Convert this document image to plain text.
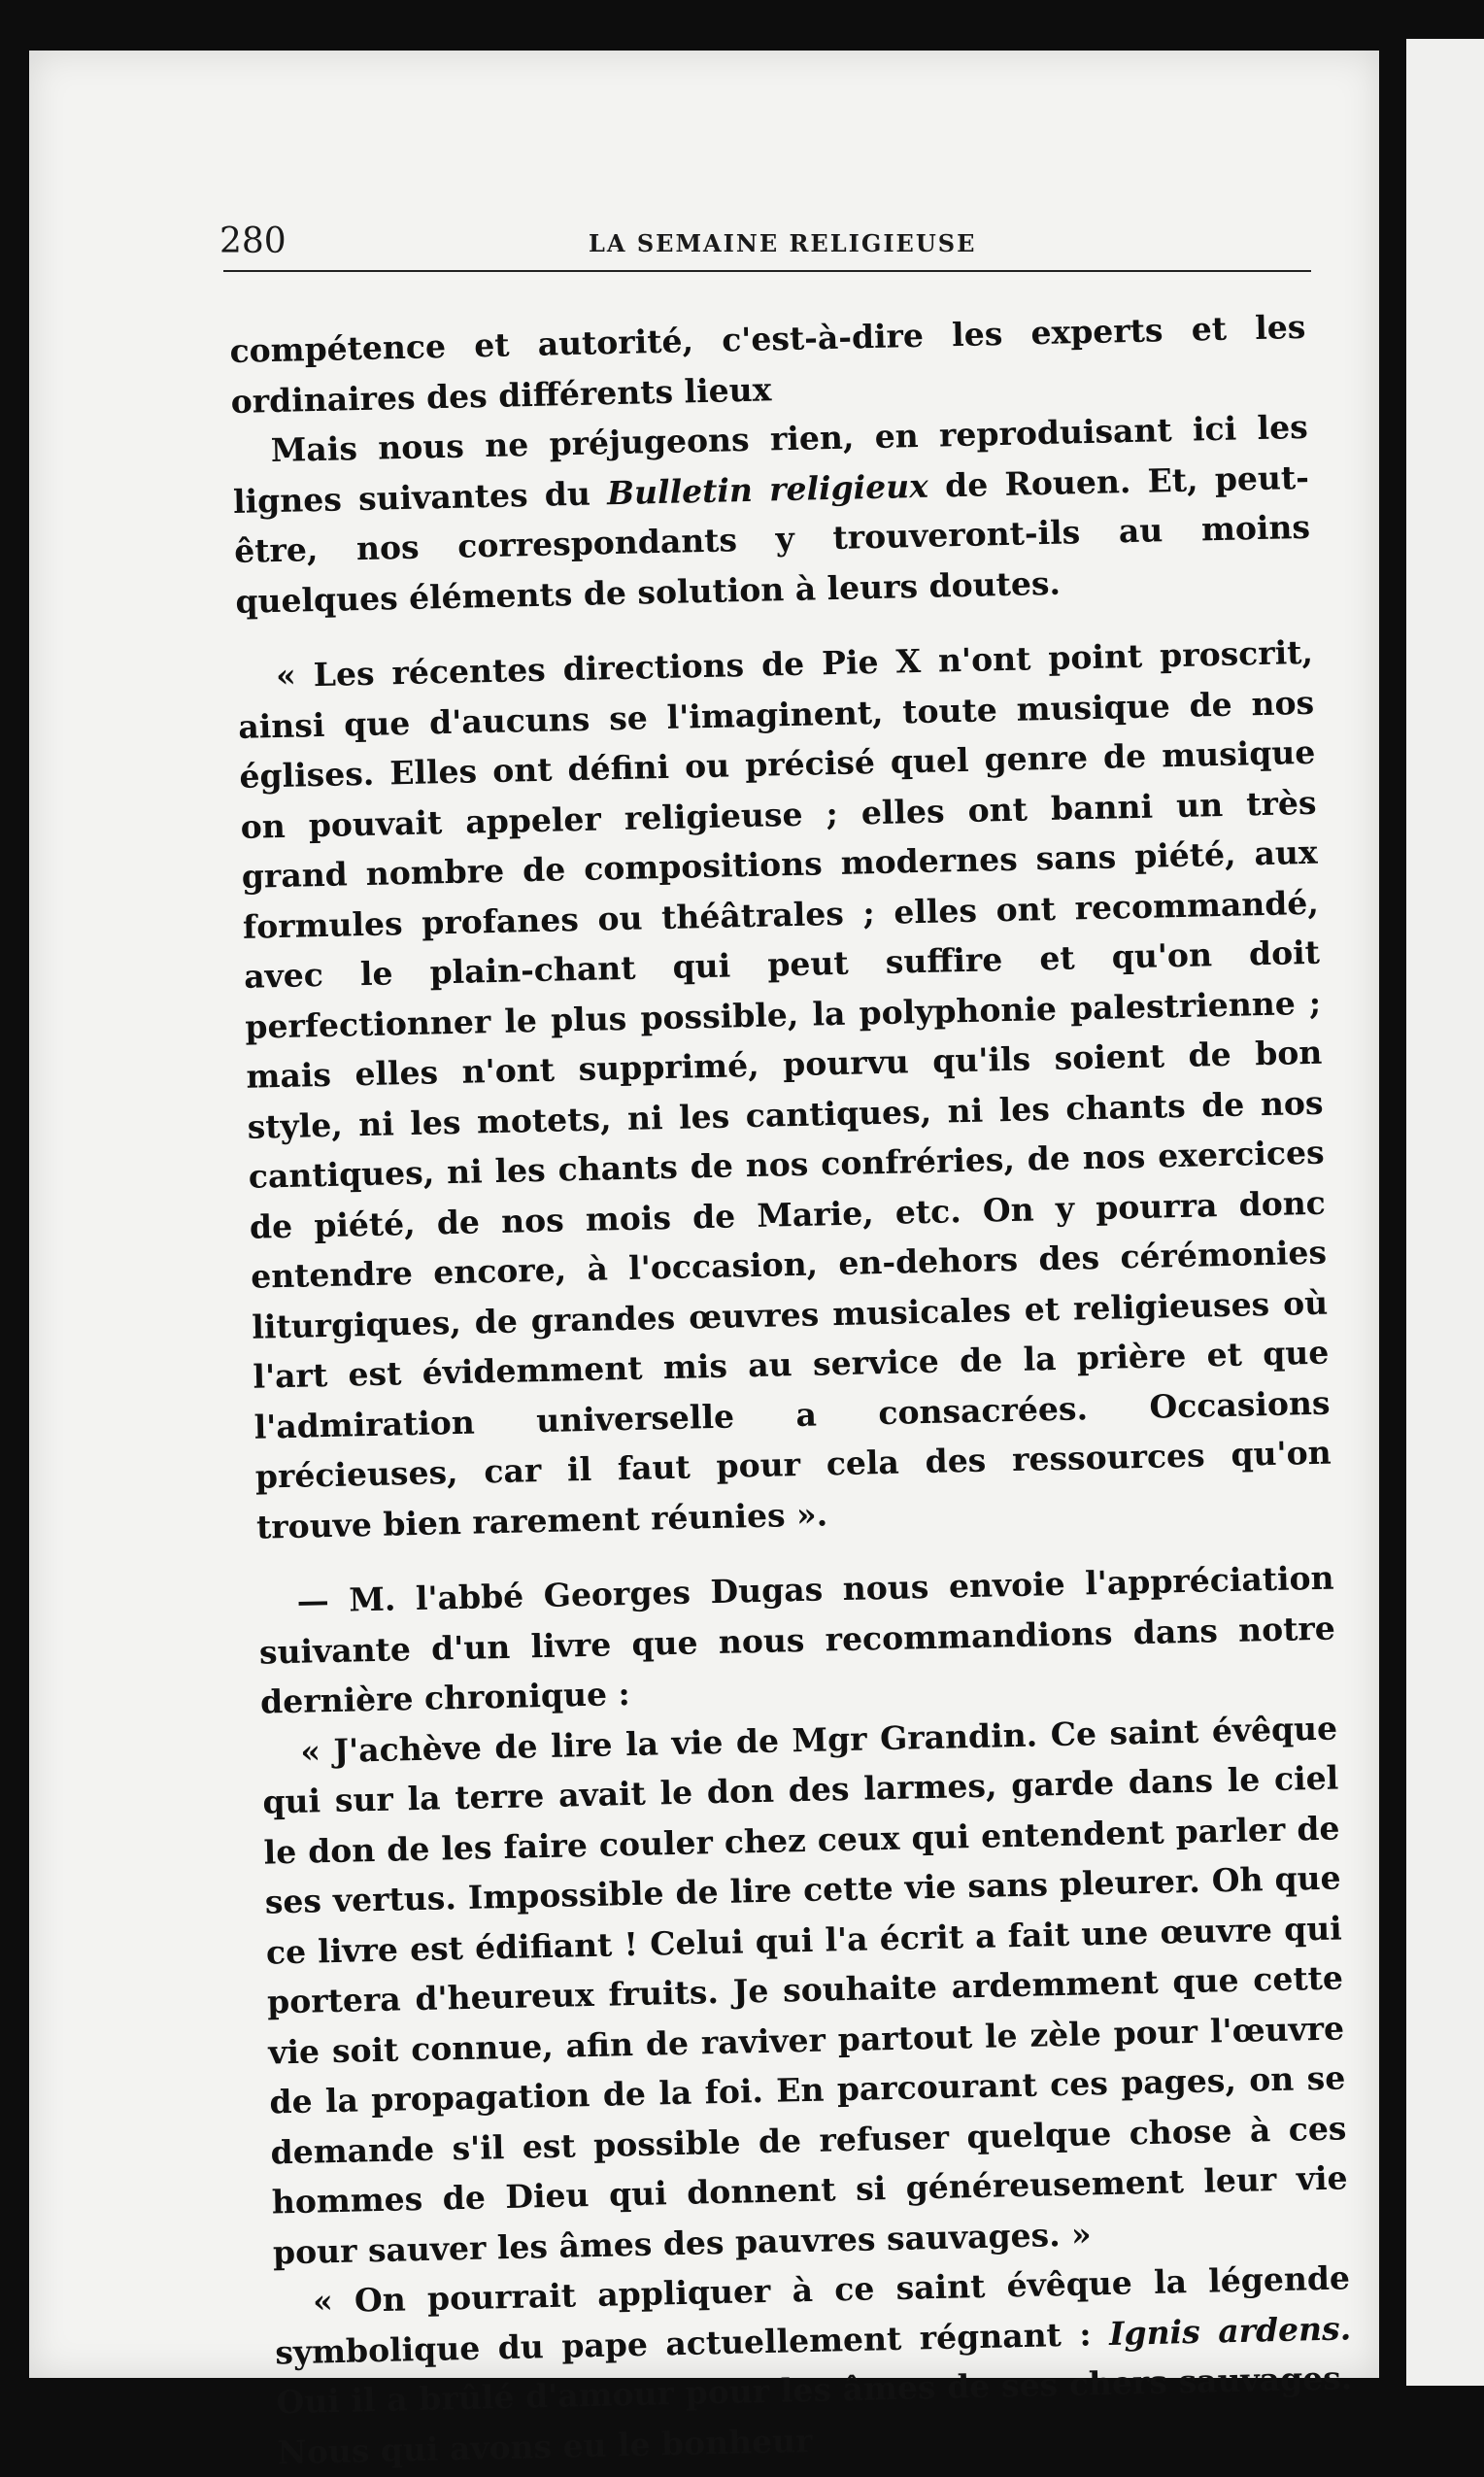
280	LA SEMAINE RELIGIEUSE

compétence et autorité, c'est-à-dire les experts et les ordinaires des différents lieux

Mais nous ne préjugeons rien, en reproduisant ici les lignes suivantes du Bulletin religieux de Rouen. Et, peut-être, nos correspondants y trouveront-ils au moins quelques éléments de solution à leurs doutes.

« Les récentes directions de Pie X n'ont point proscrit, ainsi que d'aucuns se l'imaginent, toute musique de nos églises. Elles ont défini ou précisé quel genre de musique on pouvait appeler religieuse ; elles ont banni un très grand nombre de compositions modernes sans piété, aux formules profanes ou théâtrales ; elles ont recommandé, avec le plain-chant qui peut suffire et qu'on doit perfectionner le plus possible, la polyphonie palestrienne ; mais elles n'ont supprimé, pourvu qu'ils soient de bon style, ni les motets, ni les cantiques, ni les chants de nos cantiques, ni les chants de nos confréries, de nos exercices de piété, de nos mois de Marie, etc. On y pourra donc entendre encore, à l'occasion, en-dehors des cérémonies liturgiques, de grandes œuvres musicales et religieuses où l'art est évidemment mis au service de la prière et que l'admiration universelle a consacrées. Occasions précieuses, car il faut pour cela des ressources qu'on trouve bien rarement réunies ».

— M. l'abbé Georges Dugas nous envoie l'appréciation suivante d'un livre que nous recommandions dans notre dernière chronique :

« J'achève de lire la vie de Mgr Grandin. Ce saint évêque qui sur la terre avait le don des larmes, garde dans le ciel le don de les faire couler chez ceux qui entendent parler de ses vertus. Impossible de lire cette vie sans pleurer. Oh que ce livre est édifiant ! Celui qui l'a écrit a fait une œuvre qui portera d'heureux fruits. Je souhaite ardemment que cette vie soit connue, afin de raviver partout le zèle pour l'œuvre de la propagation de la foi. En parcourant ces pages, on se demande s'il est possible de refuser quelque chose à ces hommes de Dieu qui donnent si généreusement leur vie pour sauver les âmes des pauvres sauvages. »

« On pourrait appliquer à ce saint évêque la légende symbolique du pape actuellement régnant : Ignis ardens. Oui il a brûlé d'amour pour les âmes de ses chers sauvages. Nous qui avons eu le bonheur
